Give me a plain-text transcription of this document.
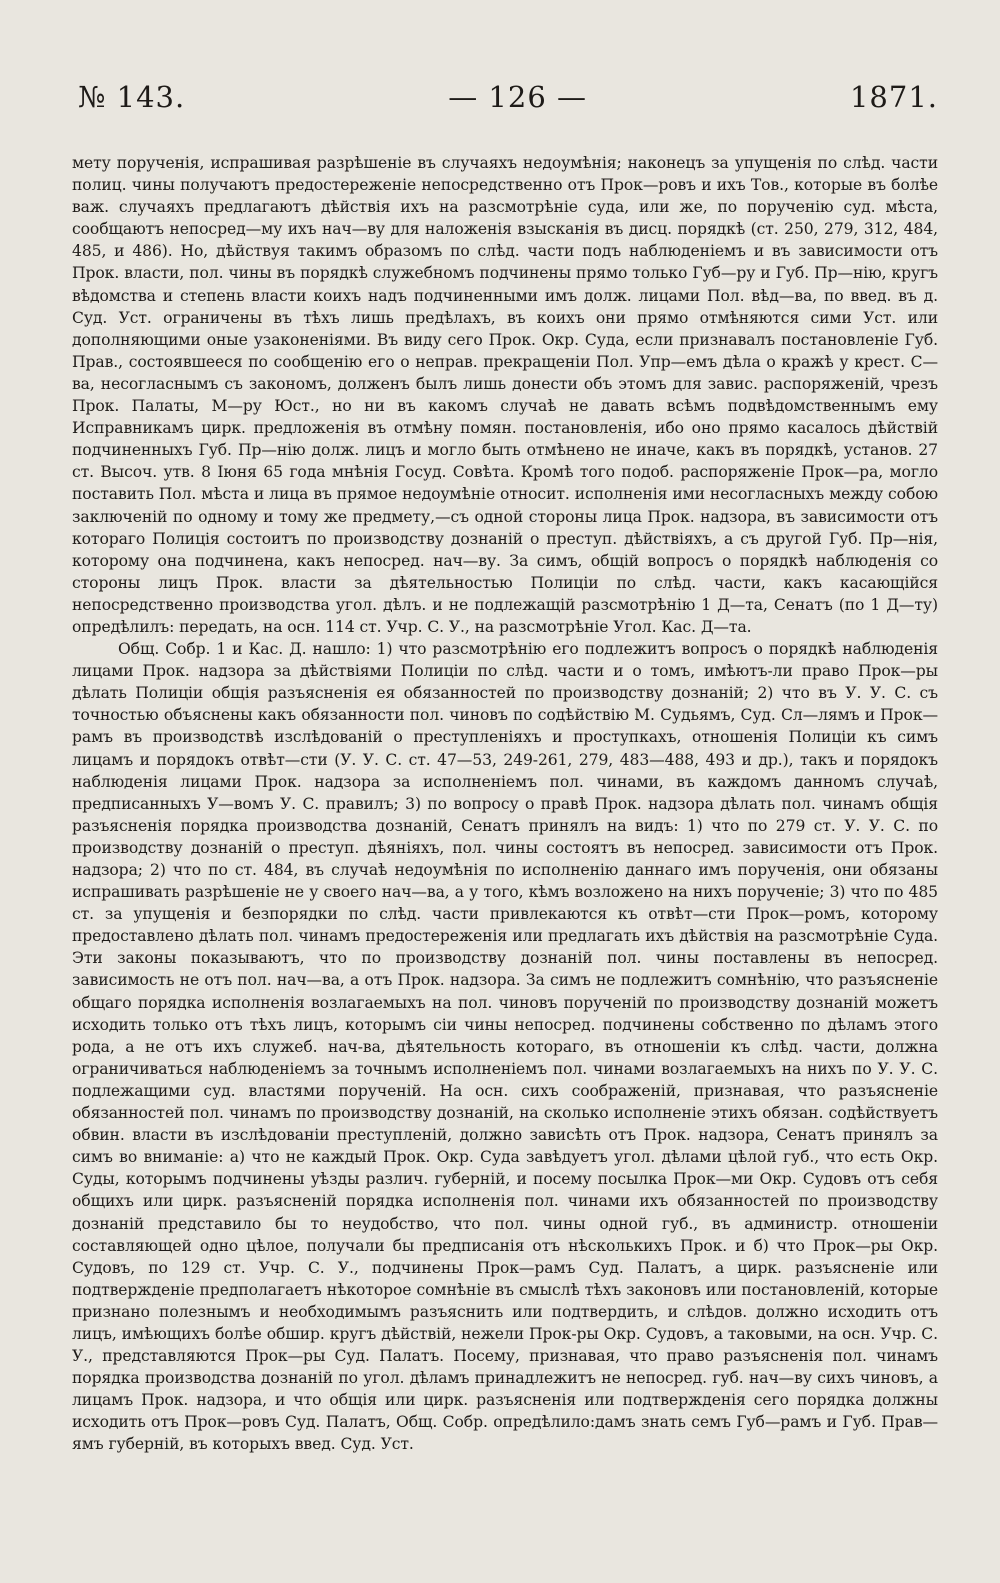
№ 143.	— 126 —	1871.

мету порученія, испрашивая разрѣшеніе въ случаяхъ недоумѣнія; наконецъ за упущенія по слѣд. части полиц. чины получаютъ предостереженіе непосредственно отъ Прок—ровъ и ихъ Тов., которые въ болѣе важ. случаяхъ предлагаютъ дѣйствія ихъ на разсмотрѣніе суда, или же, по порученію суд. мѣста, сообщаютъ непосред—му ихъ нач—ву для наложенія взысканія въ дисц. порядкѣ (ст. 250, 279, 312, 484, 485, и 486). Но, дѣйствуя такимъ образомъ по слѣд. части подъ наблюденіемъ и въ зависимости отъ Прок. власти, пол. чины въ порядкѣ служебномъ подчинены прямо только Губ—ру и Губ. Пр—нію, кругъ вѣдомства и степень власти коихъ надъ подчиненными имъ долж. лицами Пол. вѣд—ва, по введ. въ д. Суд. Уст. ограничены въ тѣхъ лишь предѣлахъ, въ коихъ они прямо отмѣняются сими Уст. или дополняющими оные узаконеніями. Въ виду сего Прок. Окр. Суда, если признавалъ постановленіе Губ. Прав., состоявшееся по сообщенію его о неправ. прекращеніи Пол. Упр—емъ дѣла о кражѣ у крест. С—ва, несогласнымъ съ закономъ, долженъ былъ лишь донести объ этомъ для завис. распоряженій, чрезъ Прок. Палаты, М—ру Юст., но ни въ какомъ случаѣ не давать всѣмъ подвѣдомственнымъ ему Исправникамъ цирк. предложенія въ отмѣну помян. постановленія, ибо оно прямо касалось дѣйствій подчиненныхъ Губ. Пр—нію долж. лицъ и могло быть отмѣнено не иначе, какъ въ порядкѣ, установ. 27 ст. Высоч. утв. 8 Іюня 65 года мнѣнія Госуд. Совѣта. Кромѣ того подоб. распоряженіе Прок—ра, могло поставить Пол. мѣста и лица въ прямое недоумѣніе относит. исполненія ими несогласныхъ между собою заключеній по одному и тому же предмету,—съ одной стороны лица Прок. надзора, въ зависимости отъ котораго Полиція состоитъ по производству дознаній о преступ. дѣйствіяхъ, а съ другой Губ. Пр—нія, которому она подчинена, какъ непосред. нач—ву. За симъ, общій вопросъ о порядкѣ наблюденія со стороны лицъ Прок. власти за дѣятельностью Полиціи по слѣд. части, какъ касающійся непосредственно производства угол. дѣлъ. и не подлежащій разсмотрѣнію 1 Д—та, Сенатъ (по 1 Д—ту) опредѣлилъ: передать, на осн. 114 ст. Учр. С. У., на разсмотрѣніе Угол. Кас. Д—та.

Общ. Собр. 1 и Кас. Д. нашло: 1) что разсмотрѣнію его подлежитъ вопросъ о порядкѣ наблюденія лицами Прок. надзора за дѣйствіями Полиціи по слѣд. части и о томъ, имѣютъ-ли право Прок—ры дѣлать Полиціи общія разъясненія ея обязанностей по производству дознаній; 2) что въ У. У. С. съ точностью объяснены какъ обязанности пол. чиновъ по содѣйствію М. Судьямъ, Суд. Сл—лямъ и Прок—рамъ въ производствѣ изслѣдованій о преступленіяхъ и проступкахъ, отношенія Полиціи къ симъ лицамъ и порядокъ отвѣт—сти (У. У. С. ст. 47—53, 249-261, 279, 483—488, 493 и др.), такъ и порядокъ наблюденія лицами Прок. надзора за исполненіемъ пол. чинами, въ каждомъ данномъ случаѣ, предписанныхъ У—вомъ У. С. правилъ; 3) по вопросу о правѣ Прок. надзора дѣлать пол. чинамъ общія разъясненія порядка производства дознаній, Сенатъ принялъ на видъ: 1) что по 279 ст. У. У. С. по производству дознаній о преступ. дѣяніяхъ, пол. чины состоятъ въ непосред. зависимости отъ Прок. надзора; 2) что по ст. 484, въ случаѣ недоумѣнія по исполненію даннаго имъ порученія, они обязаны испрашивать разрѣшеніе не у своего нач—ва, а у того, кѣмъ возложено на нихъ порученіе; 3) что по 485 ст. за упущенія и безпорядки по слѣд. части привлекаются къ отвѣт—сти Прок—ромъ, которому предоставлено дѣлать пол. чинамъ предостереженія или предлагать ихъ дѣйствія на разсмотрѣніе Суда. Эти законы показываютъ, что по производству дознаній пол. чины поставлены въ непосред. зависимость не отъ пол. нач—ва, а отъ Прок. надзора. За симъ не подлежитъ сомнѣнію, что разъясненіе общаго порядка исполненія возлагаемыхъ на пол. чиновъ порученій по производству дознаній можетъ исходить только отъ тѣхъ лицъ, которымъ сіи чины непосред. подчинены собственно по дѣламъ этого рода, а не отъ ихъ служеб. нач-ва, дѣятельность котораго, въ отношеніи къ слѣд. части, должна ограничиваться наблюденіемъ за точнымъ исполненіемъ пол. чинами возлагаемыхъ на нихъ по У. У. С. подлежащими суд. властями порученій. На осн. сихъ соображеній, признавая, что разъясненіе обязанностей пол. чинамъ по производству дознаній, на сколько исполненіе этихъ обязан. содѣйствуетъ обвин. власти въ изслѣдованіи преступленій, должно зависѣть отъ Прок. надзора, Сенатъ принялъ за симъ во вниманіе: а) что не каждый Прок. Окр. Суда завѣдуетъ угол. дѣлами цѣлой губ., что есть Окр. Суды, которымъ подчинены уѣзды различ. губерній, и посему посылка Прок—ми Окр. Судовъ отъ себя общихъ или цирк. разъясненій порядка исполненія пол. чинами ихъ обязанностей по производству дознаній представило бы то неудобство, что пол. чины одной губ., въ администр. отношеніи составляющей одно цѣлое, получали бы предписанія отъ нѣсколькихъ Прок. и б) что Прок—ры Окр. Судовъ, по 129 ст. Учр. С. У., подчинены Прок—рамъ Суд. Палатъ, а цирк. разъясненіе или подтвержденіе предполагаетъ нѣкоторое сомнѣніе въ смыслѣ тѣхъ законовъ или постановленій, которые признано полезнымъ и необходимымъ разъяснить или подтвердить, и слѣдов. должно исходить отъ лицъ, имѣющихъ болѣе обшир. кругъ дѣйствій, нежели Прок-ры Окр. Судовъ, а таковыми, на осн. Учр. С. У., представляются Прок—ры Суд. Палатъ. Посему, признавая, что право разъясненія пол. чинамъ порядка производства дознаній по угол. дѣламъ принадлежитъ не непосред. губ. нач—ву сихъ чиновъ, а лицамъ Прок. надзора, и что общія или цирк. разъясненія или подтвержденія сего порядка должны исходить отъ Прок—ровъ Суд. Палатъ, Общ. Собр. опредѣлило:дамъ знать семъ Губ—рамъ и Губ. Прав—ямъ губерній, въ которыхъ введ. Суд. Уст.
